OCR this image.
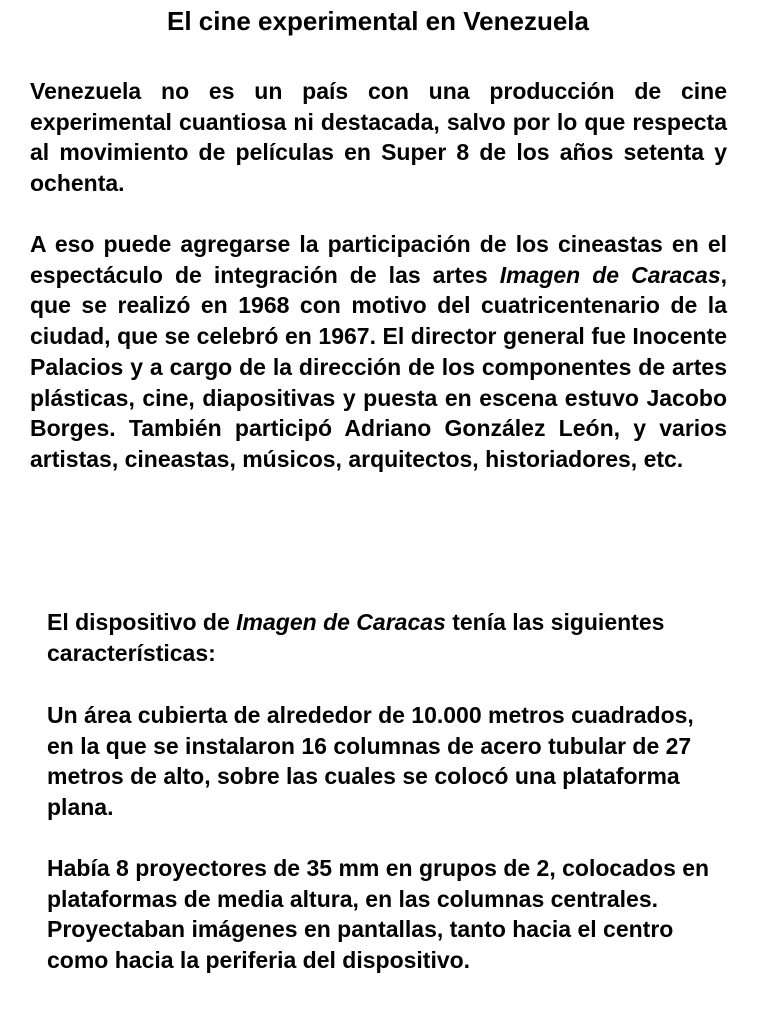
El cine experimental en Venezuela

Venezuela no es un país con una producción de cine experimental cuantiosa ni destacada, salvo por lo que respecta al movimiento de películas en Super 8 de los años setenta y ochenta.

A eso puede agregarse la participación de los cineastas en el espectáculo de integración de las artes Imagen de Caracas, que se realizó en 1968 con motivo del cuatricentenario de la ciudad, que se celebró en 1967. El director general fue Inocente Palacios y a cargo de la dirección de los componentes de artes plásticas, cine, diapositivas y puesta en escena estuvo Jacobo Borges. También participó Adriano González León, y varios artistas, cineastas, músicos, arquitectos, historiadores, etc.

El dispositivo de Imagen de Caracas tenía las siguientes características:

Un área cubierta de alrededor de 10.000 metros cuadrados, en la que se instalaron 16 columnas de acero tubular de 27 metros de alto, sobre las cuales se colocó una plataforma plana.

Había 8 proyectores de 35 mm en grupos de 2, colocados en plataformas de media altura, en las columnas centrales. Proyectaban imágenes en pantallas, tanto hacia el centro como hacia la periferia del dispositivo.
